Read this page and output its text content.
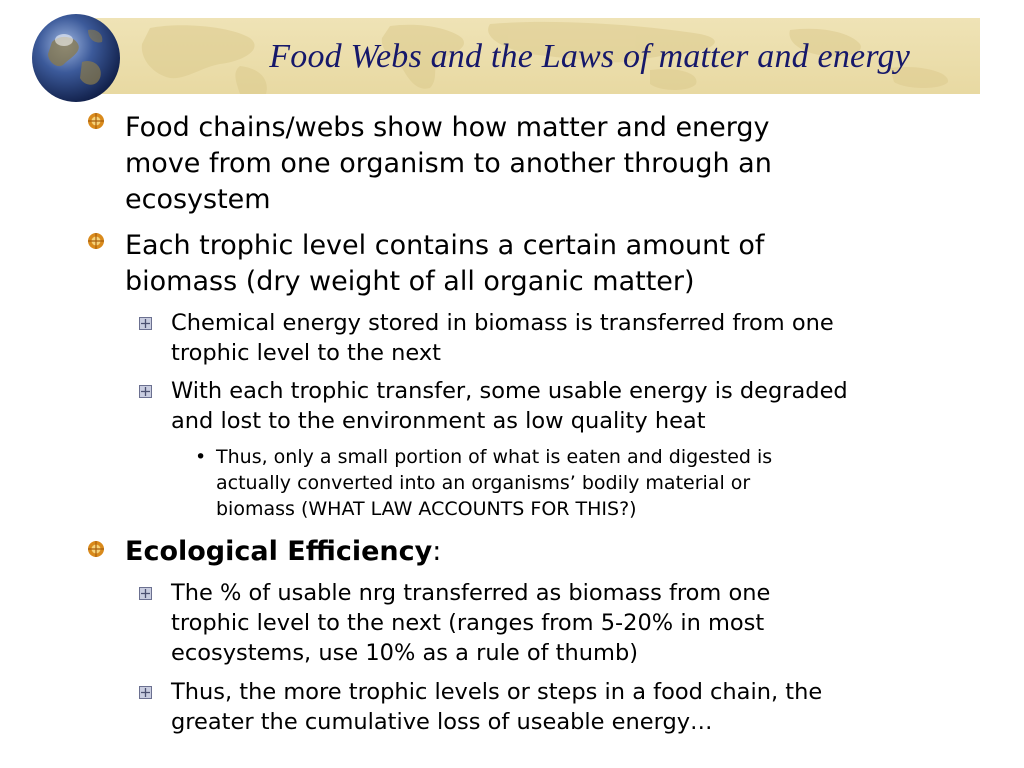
Food Webs and the Laws of matter and energy
Food chains/webs show how matter and energy
move from one organism to another through an
ecosystem
Each trophic level contains a certain amount of
biomass (dry weight of all organic matter)
Chemical energy stored in biomass is transferred from one
trophic level to the next
With each trophic transfer, some usable energy is degraded
and lost to the environment as low quality heat
• Thus, only a small portion of what is eaten and digested is
actually converted into an organisms’ bodily material or
biomass (WHAT LAW ACCOUNTS FOR THIS?)
Ecological Efficiency:
The % of usable nrg transferred as biomass from one
trophic level to the next (ranges from 5-20% in most
ecosystems, use 10% as a rule of thumb)
Thus, the more trophic levels or steps in a food chain, the
greater the cumulative loss of useable energy…
